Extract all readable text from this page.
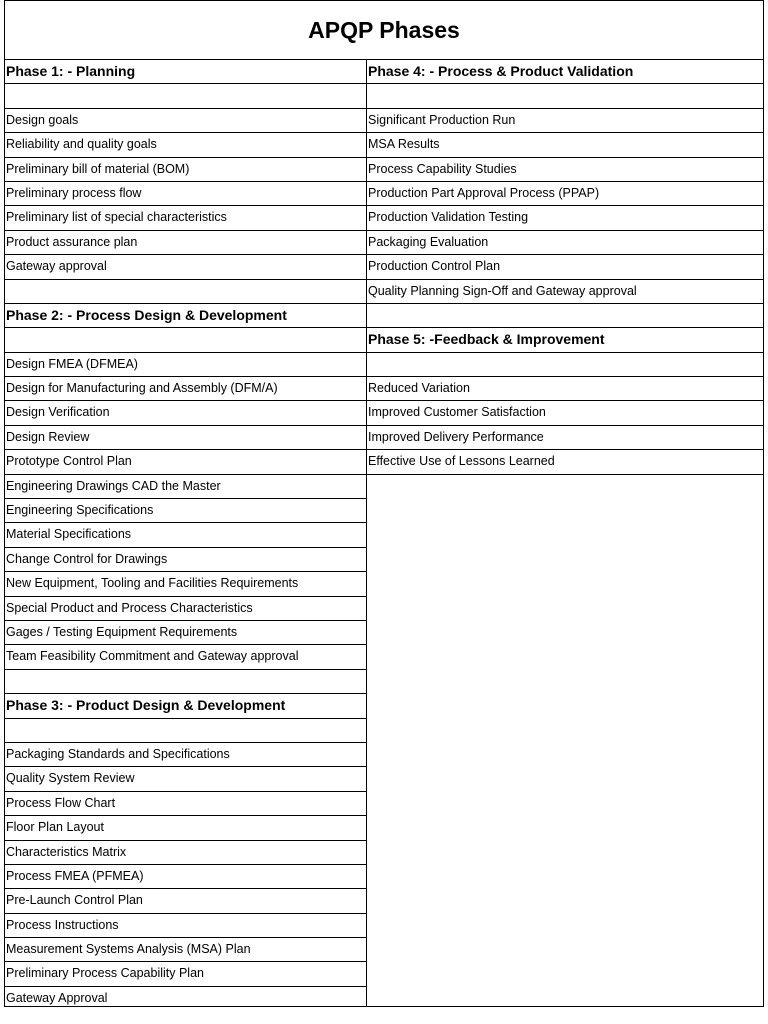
APQP Phases
Phase 1: - Planning
Design goals
Reliability and quality goals
Preliminary bill of material (BOM)
Preliminary process flow
Preliminary list of special characteristics
Product assurance plan
Gateway approval
Phase 2: - Process Design & Development
Design FMEA (DFMEA)
Design for Manufacturing and Assembly (DFM/A)
Design Verification
Design Review
Prototype Control Plan
Engineering Drawings CAD the Master
Engineering Specifications
Material Specifications
Change Control for Drawings
New Equipment, Tooling and Facilities Requirements
Special Product and Process Characteristics
Gages / Testing Equipment Requirements
Team Feasibility Commitment and Gateway approval
Phase 3: - Product Design & Development
Packaging Standards and Specifications
Quality System Review
Process Flow Chart
Floor Plan Layout
Characteristics Matrix
Process FMEA (PFMEA)
Pre-Launch Control Plan
Process Instructions
Measurement Systems Analysis (MSA) Plan
Preliminary Process Capability Plan
Gateway Approval
Phase 4: - Process & Product Validation
Significant Production Run
MSA Results
Process Capability Studies
Production Part Approval Process (PPAP)
Production Validation Testing
Packaging Evaluation
Production Control Plan
Quality Planning Sign-Off and Gateway approval
Phase 5: -Feedback & Improvement
Reduced Variation
Improved Customer Satisfaction
Improved Delivery Performance
Effective Use of Lessons Learned
